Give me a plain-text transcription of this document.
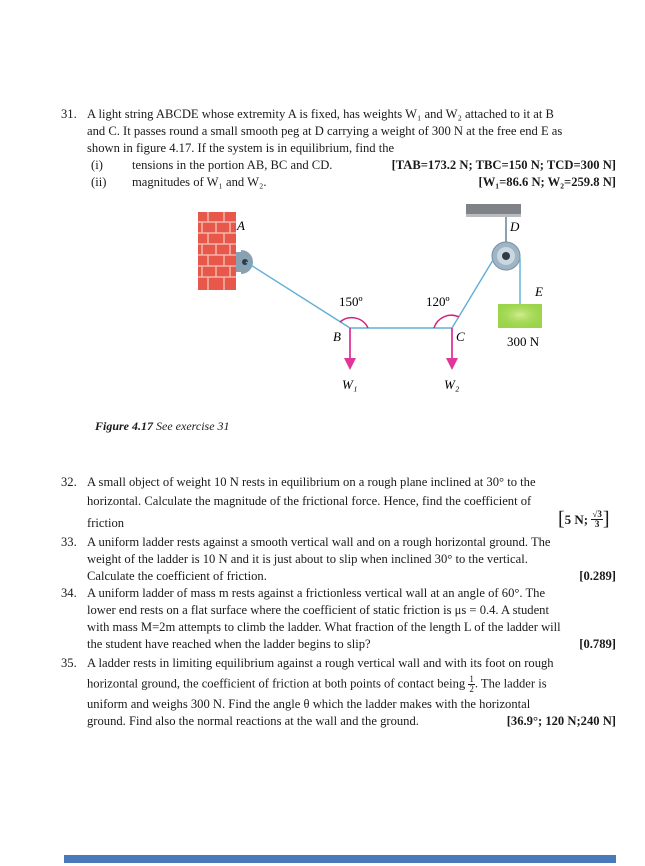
31. A light string ABCDE whose extremity A is fixed, has weights W₁ and W₂ attached to it at B
and C. It passes round a small smooth peg at D carrying a weight of 300 N at the free end E as
shown in figure 4.17. If the system is in equilibrium, find the
(i) tensions in the portion AB, BC and CD.	[TAB=173.2 N; TBC=150 N; TCD=300 N]
(ii) magnitudes of W₁ and W₂.	[W₁=86.6 N; W₂=259.8 N]
A	D
E
300 N
150º	120º
B	C
W₁	W₂
Figure 4.17 See exercise 31
32. A small object of weight 10 N rests in equilibrium on a rough plane inclined at 30° to the
horizontal. Calculate the magnitude of the frictional force. Hence, find the coefficient of
friction	[5 N; $\frac{√3}{3}$ ]
33. A uniform ladder rests against a smooth vertical wall and on a rough horizontal ground. The
weight of the ladder is 10 N and it is just about to slip when inclined 30° to the vertical.
Calculate the coefficient of friction.	[0.289]
34. A uniform ladder of mass m rests against a frictionless vertical wall at an angle of 60°. The
lower end rests on a flat surface where the coefficient of static friction is μs = 0.4. A student
with mass M=2m attempts to climb the ladder. What fraction of the length L of the ladder will
the student have reached when the ladder begins to slip?	[0.789]
35. A ladder rests in limiting equilibrium against a rough vertical wall and with its foot on rough
horizontal ground, the coefficient of friction at both points of contact being $\frac{1}{2}$ . The ladder is
uniform and weighs 300 N. Find the angle θ which the ladder makes with the horizontal
ground. Find also the normal reactions at the wall and the ground.	[36.9°; 120 N;240 N]
